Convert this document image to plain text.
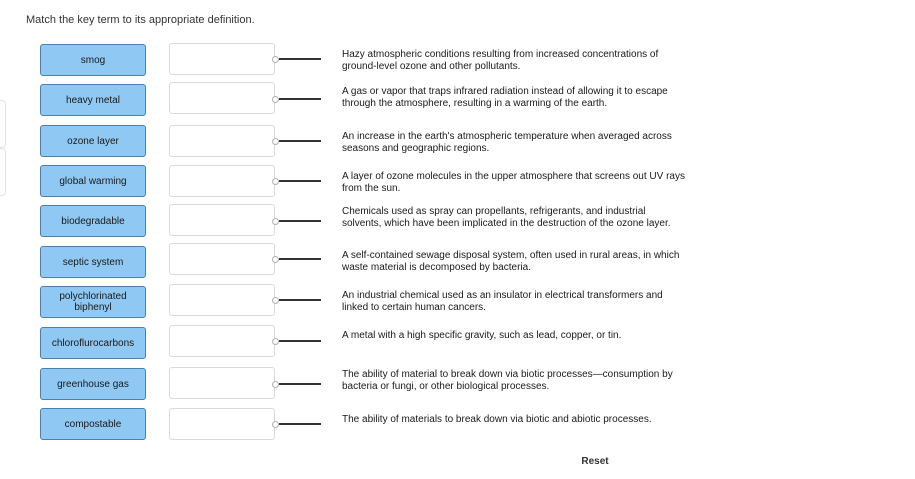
Match the key term to its appropriate definition.
smog
heavy metal
ozone layer
global warming
biodegradable
septic system
polychlorinated biphenyl
chloroflurocarbons
greenhouse gas
compostable
Hazy atmospheric conditions resulting from increased concentrations of ground-level ozone and other pollutants.
A gas or vapor that traps infrared radiation instead of allowing it to escape through the atmosphere, resulting in a warming of the earth.
An increase in the earth's atmospheric temperature when averaged across seasons and geographic regions.
A layer of ozone molecules in the upper atmosphere that screens out UV rays from the sun.
Chemicals used as spray can propellants, refrigerants, and industrial solvents, which have been implicated in the destruction of the ozone layer.
A self-contained sewage disposal system, often used in rural areas, in which waste material is decomposed by bacteria.
An industrial chemical used as an insulator in electrical transformers and linked to certain human cancers.
A metal with a high specific gravity, such as lead, copper, or tin.
The ability of material to break down via biotic processes—consumption by bacteria or fungi, or other biological processes.
The ability of materials to break down via biotic and abiotic processes.
Reset
